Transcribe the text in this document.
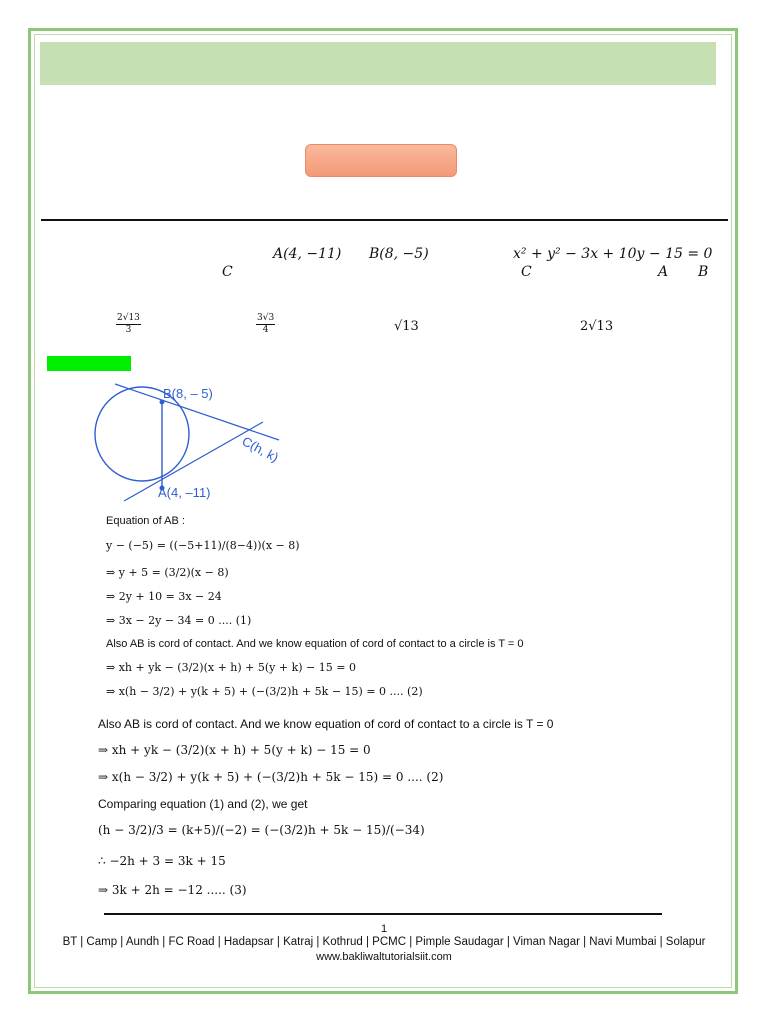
A(4, −11) B(8, −5)	x² + y² − 3x + 10y − 15 = 0
C	C	A B
$\frac{2√13}{3}$	$\frac{3√3}{4}$	√13	2√13
B(8, – 5)
C(h, k)
A(4, –11)
Equation of AB :
y − (−5) = ((−5+11)/(8−4))(x − 8)
⇒ y + 5 = (3/2)(x − 8)
⇒ 2y + 10 = 3x − 24
⇒ 3x − 2y − 34 = 0 .... (1)
Also AB is cord of contact. And we know equation of cord of contact to a circle is T = 0
⇒ xh + yk − (3/2)(x + h) + 5(y + k) − 15 = 0
⇒ x(h − 3/2) + y(k + 5) + (−(3/2)h + 5k − 15) = 0 .... (2)
Also AB is cord of contact. And we know equation of cord of contact to a circle is T = 0
⇒ xh + yk − (3/2)(x + h) + 5(y + k) − 15 = 0
⇒ x(h − 3/2) + y(k + 5) + (−(3/2)h + 5k − 15) = 0 .... (2)
Comparing equation (1) and (2), we get
(h − 3/2)/3 = (k+5)/(−2) = (−(3/2)h + 5k − 15)/(−34)
∴ −2h + 3 = 3k + 15
⇒ 3k + 2h = −12 ..... (3)
1
BT | Camp | Aundh | FC Road | Hadapsar | Katraj | Kothrud | PCMC | Pimple Saudagar | Viman Nagar | Navi Mumbai | Solapur
www.bakliwaltutorialsiit.com
